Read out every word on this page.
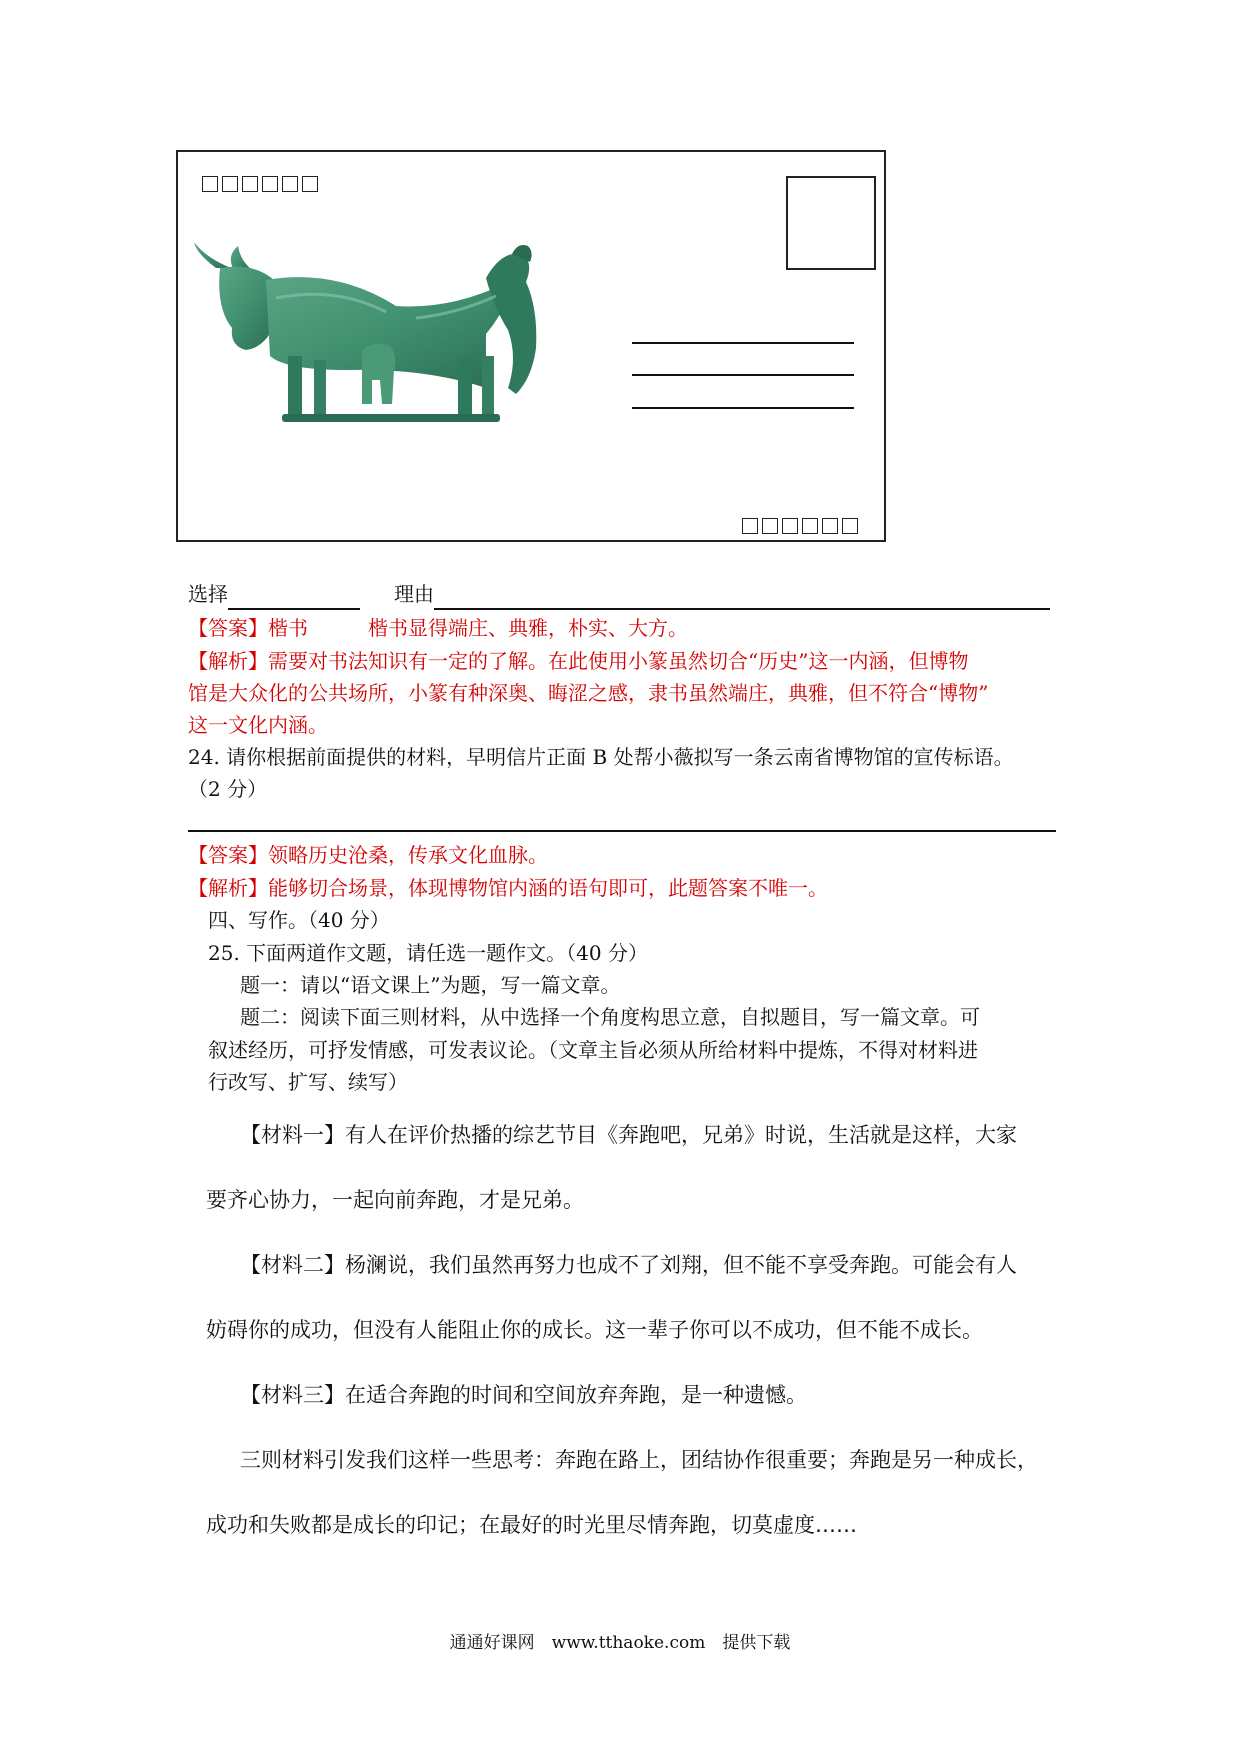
选择	理由
【答案】楷书　　　楷书显得端庄、典雅，朴实、大方。
【解析】需要对书法知识有一定的了解。在此使用小篆虽然切合“历史”这一内涵，但博物
馆是大众化的公共场所，小篆有种深奥、晦涩之感，隶书虽然端庄，典雅，但不符合“博物”
这一文化内涵。
24. 请你根据前面提供的材料，早明信片正面 B 处帮小薇拟写一条云南省博物馆的宣传标语。
（2 分）
【答案】领略历史沧桑，传承文化血脉。
【解析】能够切合场景，体现博物馆内涵的语句即可，此题答案不唯一。
四、写作。（40 分）
25. 下面两道作文题，请任选一题作文。（40 分）
题一：请以“语文课上”为题，写一篇文章。
题二：阅读下面三则材料，从中选择一个角度构思立意，自拟题目，写一篇文章。可
叙述经历，可抒发情感，可发表议论。（文章主旨必须从所给材料中提炼，不得对材料进
行改写、扩写、续写）
【材料一】有人在评价热播的综艺节目《奔跑吧，兄弟》时说，生活就是这样，大家
要齐心协力，一起向前奔跑，才是兄弟。
【材料二】杨澜说，我们虽然再努力也成不了刘翔，但不能不享受奔跑。可能会有人
妨碍你的成功，但没有人能阻止你的成长。这一辈子你可以不成功，但不能不成长。
【材料三】在适合奔跑的时间和空间放弃奔跑，是一种遗憾。
三则材料引发我们这样一些思考：奔跑在路上，团结协作很重要；奔跑是另一种成长，
成功和失败都是成长的印记；在最好的时光里尽情奔跑，切莫虚度……
通通好课网　www.tthaoke.com　提供下载
